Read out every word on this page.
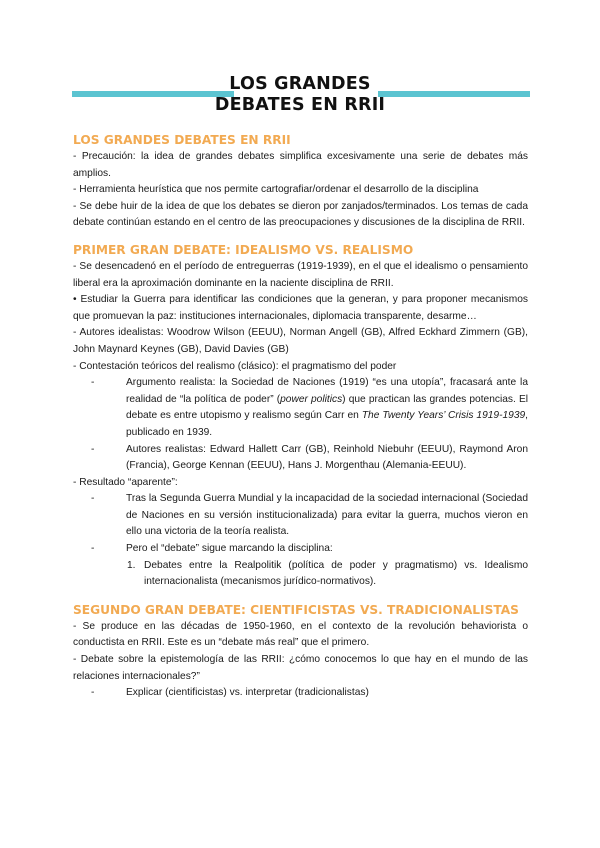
LOS GRANDES
DEBATES EN RRII
LOS GRANDES DEBATES EN RRII
- Precaución: la idea de grandes debates simplifica excesivamente una serie de debates más amplios.
- Herramienta heurística que nos permite cartografiar/ordenar el desarrollo de la disciplina
- Se debe huir de la idea de que los debates se dieron por zanjados/terminados. Los temas de cada debate continúan estando en el centro de las preocupaciones y discusiones de la disciplina de RRII.
PRIMER GRAN DEBATE: IDEALISMO VS. REALISMO
- Se desencadenó en el período de entreguerras (1919-1939), en el que el idealismo o pensamiento liberal era la aproximación dominante en la naciente disciplina de RRII.
• Estudiar la Guerra para identificar las condiciones que la generan, y para proponer mecanismos que promuevan la paz: instituciones internacionales, diplomacia transparente, desarme…
- Autores idealistas: Woodrow Wilson (EEUU), Norman Angell (GB), Alfred Eckhard Zimmern (GB), John Maynard Keynes (GB), David Davies (GB)
- Contestación teóricos del realismo (clásico): el pragmatismo del poder
-	Argumento realista: la Sociedad de Naciones (1919) “es una utopía”, fracasará ante la realidad de “la política de poder” (power politics) que practican las grandes potencias. El debate es entre utopismo y realismo según Carr en The Twenty Years’ Crisis 1919-1939, publicado en 1939.
-	Autores realistas: Edward Hallett Carr (GB), Reinhold Niebuhr (EEUU), Raymond Aron (Francia), George Kennan (EEUU), Hans J. Morgenthau (Alemania-EEUU).
- Resultado “aparente”:
-	Tras la Segunda Guerra Mundial y la incapacidad de la sociedad internacional (Sociedad de Naciones en su versión institucionalizada) para evitar la guerra, muchos vieron en ello una victoria de la teoría realista.
-	Pero el “debate” sigue marcando la disciplina:
1. Debates entre la Realpolitik (política de poder y pragmatismo) vs. Idealismo internacionalista (mecanismos jurídico-normativos).
SEGUNDO GRAN DEBATE: CIENTIFICISTAS VS. TRADICIONALISTAS
- Se produce en las décadas de 1950-1960, en el contexto de la revolución behaviorista o conductista en RRII. Este es un “debate más real” que el primero.
- Debate sobre la epistemología de las RRII: ¿cómo conocemos lo que hay en el mundo de las relaciones internacionales?”
-	Explicar (cientificistas) vs. interpretar (tradicionalistas)
